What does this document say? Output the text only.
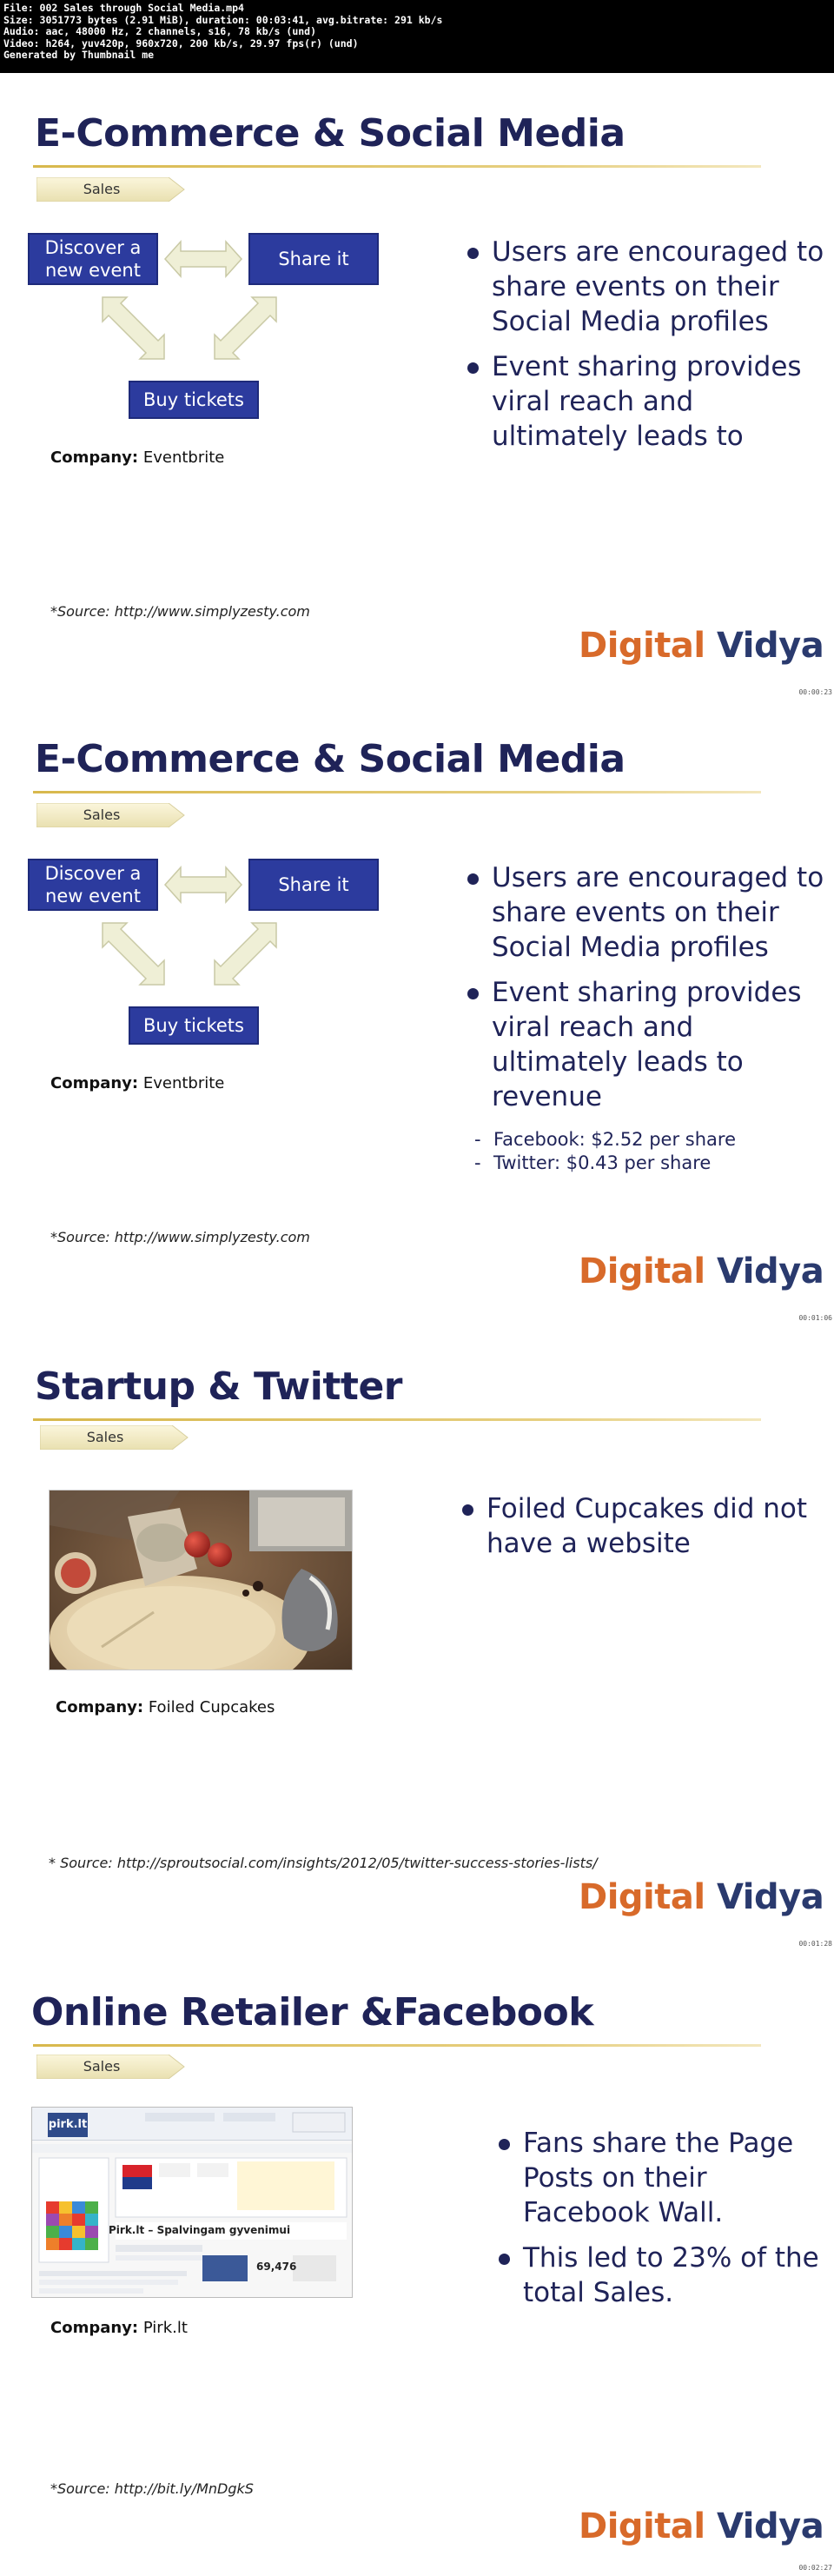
File: 002 Sales through Social Media.mp4
Size: 3051773 bytes (2.91 MiB), duration: 00:03:41, avg.bitrate: 291 kb/s
Audio: aac, 48000 Hz, 2 channels, s16, 78 kb/s (und)
Video: h264, yuv420p, 960x720, 200 kb/s, 29.97 fps(r) (und)
Generated by Thumbnail me
E-Commerce & Social Media
Sales
Discover a new event
Share it
Buy tickets
Company: Eventbrite
Users are encouraged to share events on their Social Media profiles
Event sharing provides viral reach and ultimately leads to
*Source: http://www.simplyzesty.com
Digital Vidya
00:00:23
E-Commerce & Social Media
Sales
Discover a new event
Share it
Buy tickets
Company: Eventbrite
Users are encouraged to share events on their Social Media profiles
Event sharing provides viral reach and ultimately leads to revenue
- Facebook: $2.52 per share
- Twitter: $0.43 per share
*Source: http://www.simplyzesty.com
Digital Vidya
00:01:06
Startup & Twitter
Sales
Company: Foiled Cupcakes
Foiled Cupcakes did not have a website
* Source: http://sproutsocial.com/insights/2012/05/twitter-success-stories-lists/
Digital Vidya
00:01:28
Online Retailer &Facebook
Sales
pirk.lt
Pirk.lt – Spalvingam gyvenimui
69,476
Company: Pirk.lt
Fans share the Page Posts on their Facebook Wall.
This led to 23% of the total Sales.
*Source: http://bit.ly/MnDgkS
Digital Vidya
00:02:27
